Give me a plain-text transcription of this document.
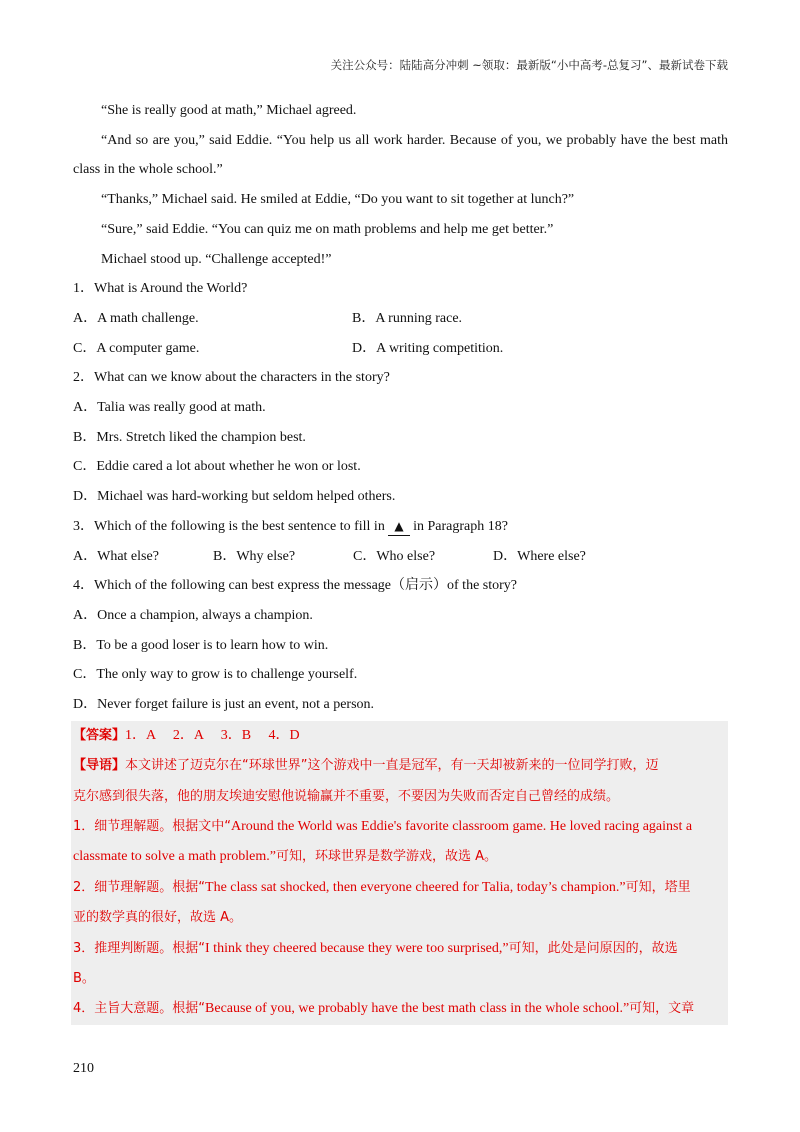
关注公众号：陆陆高分冲刺 ~领取：最新版“小中高考-总复习”、最新试卷下载

“She is really good at math,” Michael agreed.

“And so are you,” said Eddie. “You help us all work harder. Because of you, we probably have the best math class in the whole school.”

“Thanks,” Michael said. He smiled at Eddie, “Do you want to sit together at lunch?”

“Sure,” said Eddie. “You can quiz me on math problems and help me get better.”

Michael stood up. “Challenge accepted!”

1．What is Around the World?

A．A math challenge.	B．A running race.
C．A computer game.	D．A writing competition.

2．What can we know about the characters in the story?

A．Talia was really good at math.

B．Mrs. Stretch liked the champion best.

C．Eddie cared a lot about whether he won or lost.

D．Michael was hard-working but seldom helped others.

3．Which of the following is the best sentence to fill in ▲ in Paragraph 18?

A．What else?	B．Why else?	C．Who else?	D．Where else?

4．Which of the following can best express the message（启示）of the story?

A．Once a champion, always a champion.

B．To be a good loser is to learn how to win.

C．The only way to grow is to challenge yourself.

D．Never forget failure is just an event, not a person.

【答案】1．A　 2．A　 3．B　 4．D

【导语】本文讲述了迈克尔在“环球世界”这个游戏中一直是冠军，有一天却被新来的一位同学打败，迈

克尔感到很失落，他的朋友埃迪安慰他说输赢并不重要，不要因为失败而否定自己曾经的成绩。

1．细节理解题。根据文中“Around the World was Eddie's favorite classroom game. He loved racing against a

classmate to solve a math problem.”可知，环球世界是数学游戏，故选 A。

2．细节理解题。根据“The class sat shocked, then everyone cheered for Talia, today’s champion.”可知，塔里

亚的数学真的很好，故选 A。

3．推理判断题。根据“I think they cheered because they were too surprised,”可知，此处是问原因的，故选

B。

4．主旨大意题。根据“Because of you, we probably have the best math class in the whole school.”可知，文章

210
